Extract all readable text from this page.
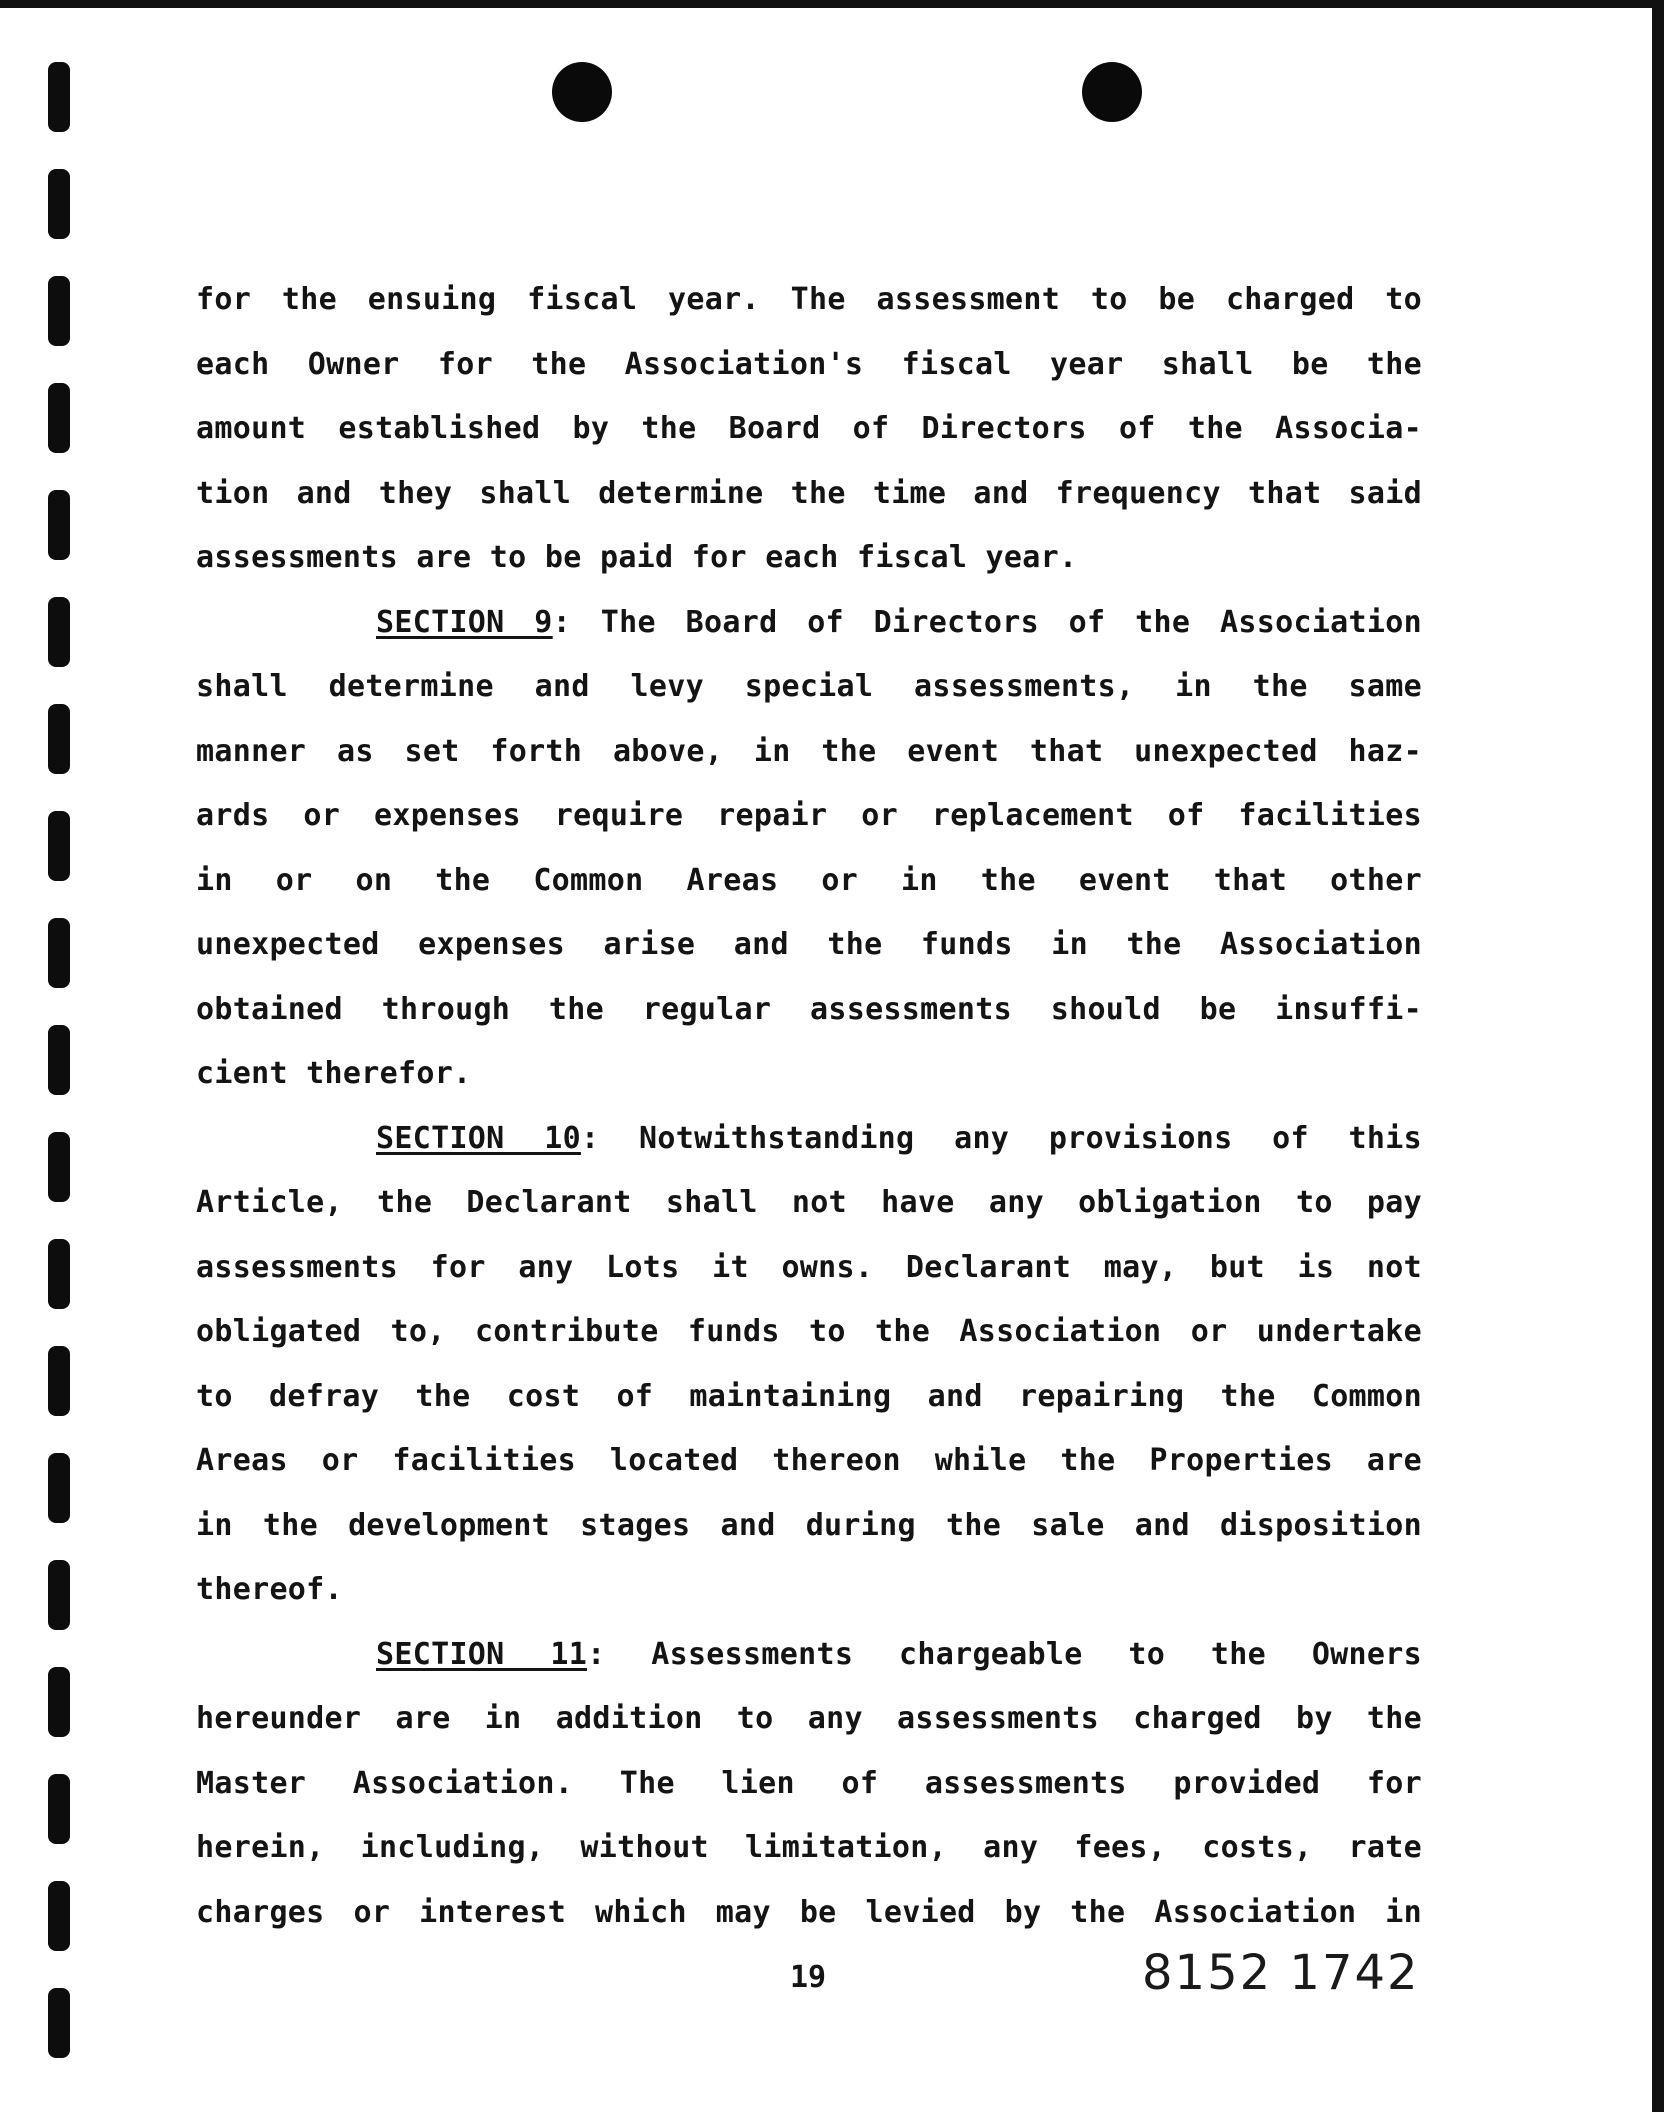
for the ensuing fiscal year. The assessment to be charged to

each Owner for the Association's fiscal year shall be the

amount established by the Board of Directors of the Associa-

tion and they shall determine the time and frequency that said

assessments are to be paid for each fiscal year.

SECTION 9: The Board of Directors of the Association

shall determine and levy special assessments, in the same

manner as set forth above, in the event that unexpected haz-

ards or expenses require repair or replacement of facilities

in or on the Common Areas or in the event that other

unexpected expenses arise and the funds in the Association

obtained through the regular assessments should be insuffi-

cient therefor.

SECTION 10: Notwithstanding any provisions of this

Article, the Declarant shall not have any obligation to pay

assessments for any Lots it owns. Declarant may, but is not

obligated to, contribute funds to the Association or undertake

to defray the cost of maintaining and repairing the Common

Areas or facilities located thereon while the Properties are

in the development stages and during the sale and disposition

thereof.

SECTION 11: Assessments chargeable to the Owners

hereunder are in addition to any assessments charged by the

Master Association. The lien of assessments provided for

herein, including, without limitation, any fees, costs, rate

charges or interest which may be levied by the Association in

19	8152 1742
